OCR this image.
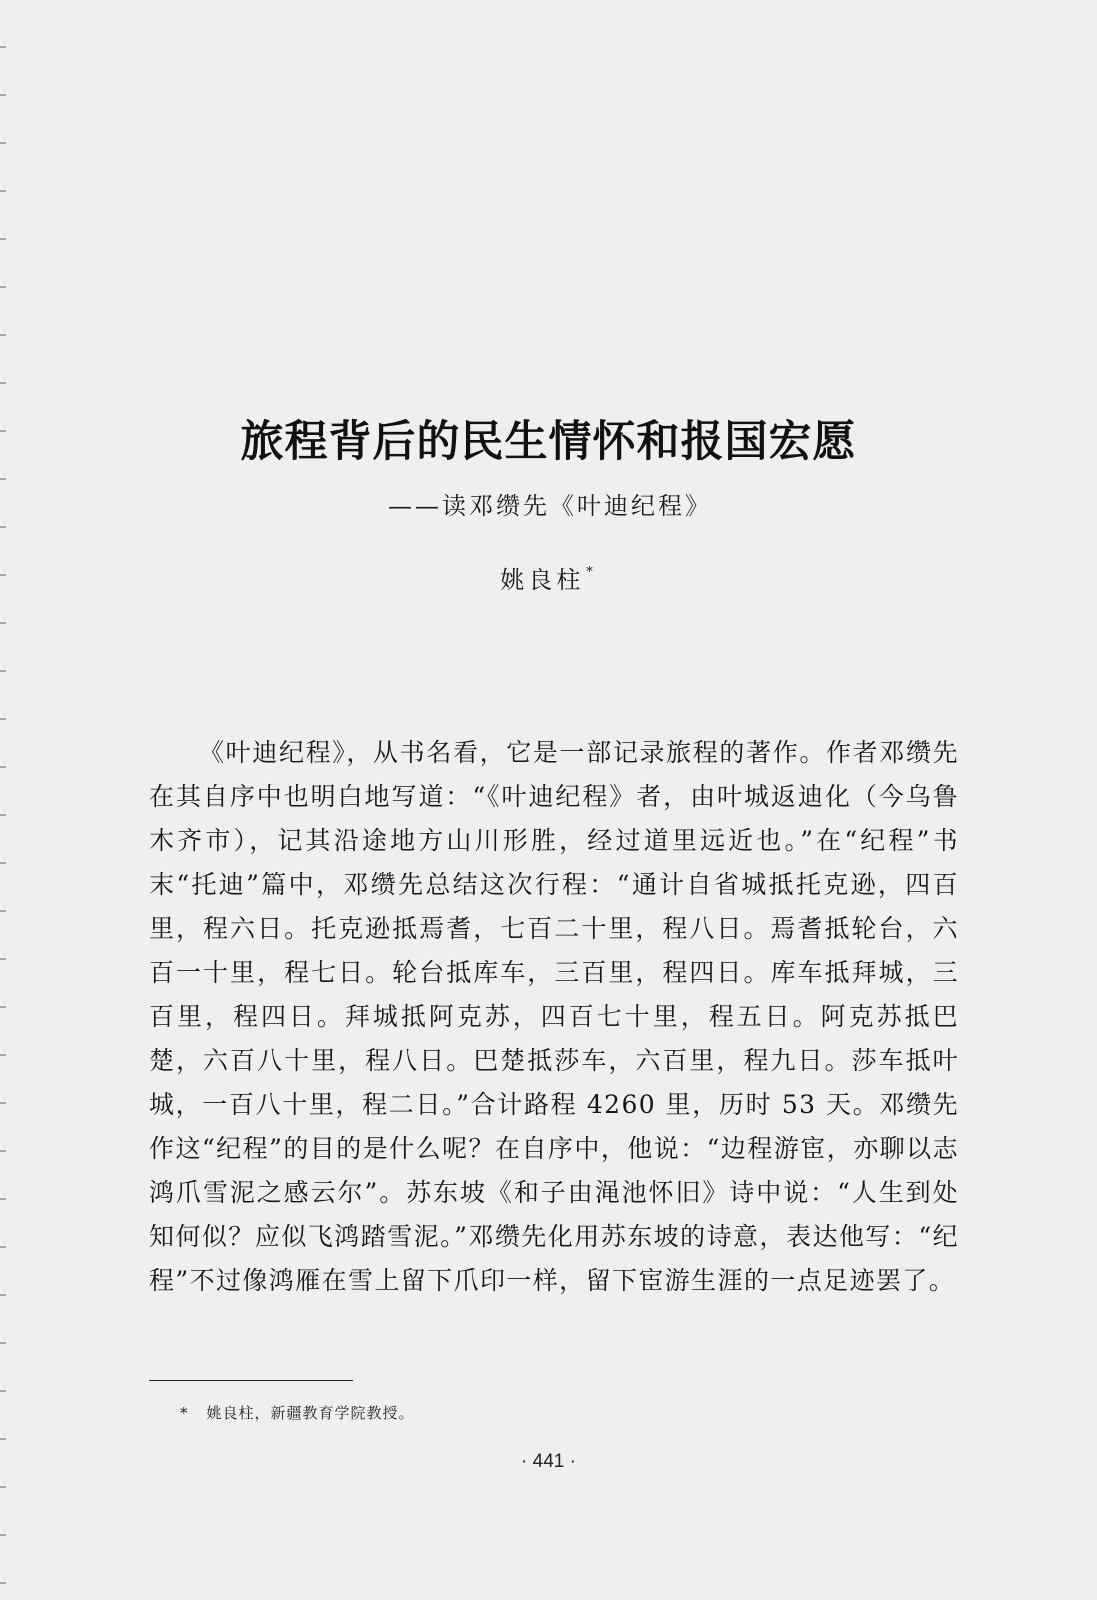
旅程背后的民生情怀和报国宏愿
——读邓缵先《叶迪纪程》
姚良柱 *

《叶迪纪程》，从书名看，它是一部记录旅程的著作。作者邓缵先在其自序中也明白地写道：“《叶迪纪程》者，由叶城返迪化（今乌鲁木齐市），记其沿途地方山川形胜，经过道里远近也。”在“纪程”书末“托迪”篇中，邓缵先总结这次行程：“通计自省城抵托克逊，四百里，程六日。托克逊抵焉耆，七百二十里，程八日。焉耆抵轮台，六百一十里，程七日。轮台抵库车，三百里，程四日。库车抵拜城，三百里，程四日。拜城抵阿克苏，四百七十里，程五日。阿克苏抵巴楚，六百八十里，程八日。巴楚抵莎车，六百里，程九日。莎车抵叶城，一百八十里，程二日。”合计路程 4260 里，历时 53 天。邓缵先作这“纪程”的目的是什么呢？在自序中，他说：“边程游宦，亦聊以志鸿爪雪泥之感云尔”。苏东坡《和子由渑池怀旧》诗中说：“人生到处知何似？应似飞鸿踏雪泥。”邓缵先化用苏东坡的诗意，表达他写：“纪程”不过像鸿雁在雪上留下爪印一样，留下宦游生涯的一点足迹罢了。

* 姚良柱，新疆教育学院教授。
· 441 ·
